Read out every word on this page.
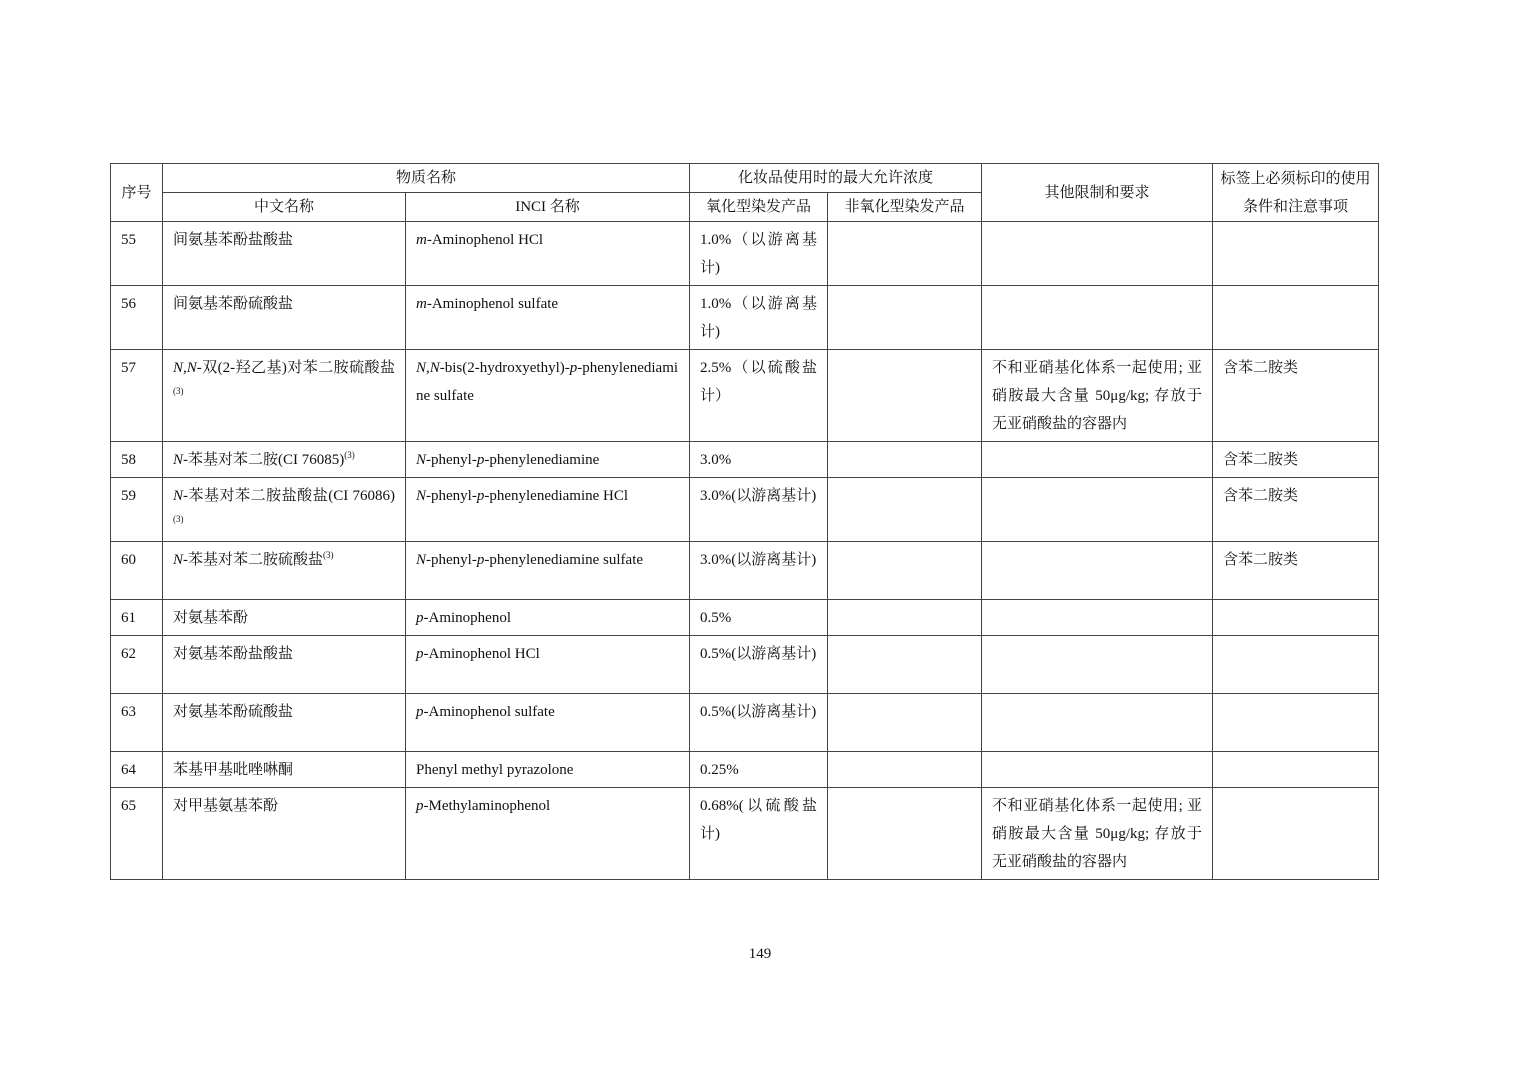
序号	物质名称		化妆品使用时的最大允许浓度		其他限制和要求	标签上必须标印的使用条件和注意事项
	中文名称	INCI 名称	氧化型染发产品	非氧化型染发产品		
55	间氨基苯酚盐酸盐	m-Aminophenol HCl	1.0%（以游离基计)			
56	间氨基苯酚硫酸盐	m-Aminophenol sulfate	1.0%（以游离基计)			
57	N,N-双(2-羟乙基)对苯二胺硫酸盐$^{(3)}$	N,N-bis(2-hydroxyethyl)-p-phenylenediamine sulfate	2.5%（以硫酸盐计）		不和亚硝基化体系一起使用; 亚硝胺最大含量 50μg/kg; 存放于无亚硝酸盐的容器内	含苯二胺类
58	N-苯基对苯二胺(CI 76085)$^{(3)}$	N-phenyl-p-phenylenediamine	3.0%			含苯二胺类
59	N-苯基对苯二胺盐酸盐(CI 76086)$^{(3)}$	N-phenyl-p-phenylenediamine HCl	3.0%(以游离基计)			含苯二胺类
60	N-苯基对苯二胺硫酸盐$^{(3)}$	N-phenyl-p-phenylenediamine sulfate	3.0%(以游离基计)			含苯二胺类
61	对氨基苯酚	p-Aminophenol	0.5%			
62	对氨基苯酚盐酸盐	p-Aminophenol HCl	0.5%(以游离基计)			
63	对氨基苯酚硫酸盐	p-Aminophenol sulfate	0.5%(以游离基计)			
64	苯基甲基吡唑啉酮	Phenyl methyl pyrazolone	0.25%			
65	对甲基氨基苯酚	p-Methylaminophenol	0.68%(以硫酸盐计)		不和亚硝基化体系一起使用; 亚硝胺最大含量 50μg/kg; 存放于无亚硝酸盐的容器内	
149
